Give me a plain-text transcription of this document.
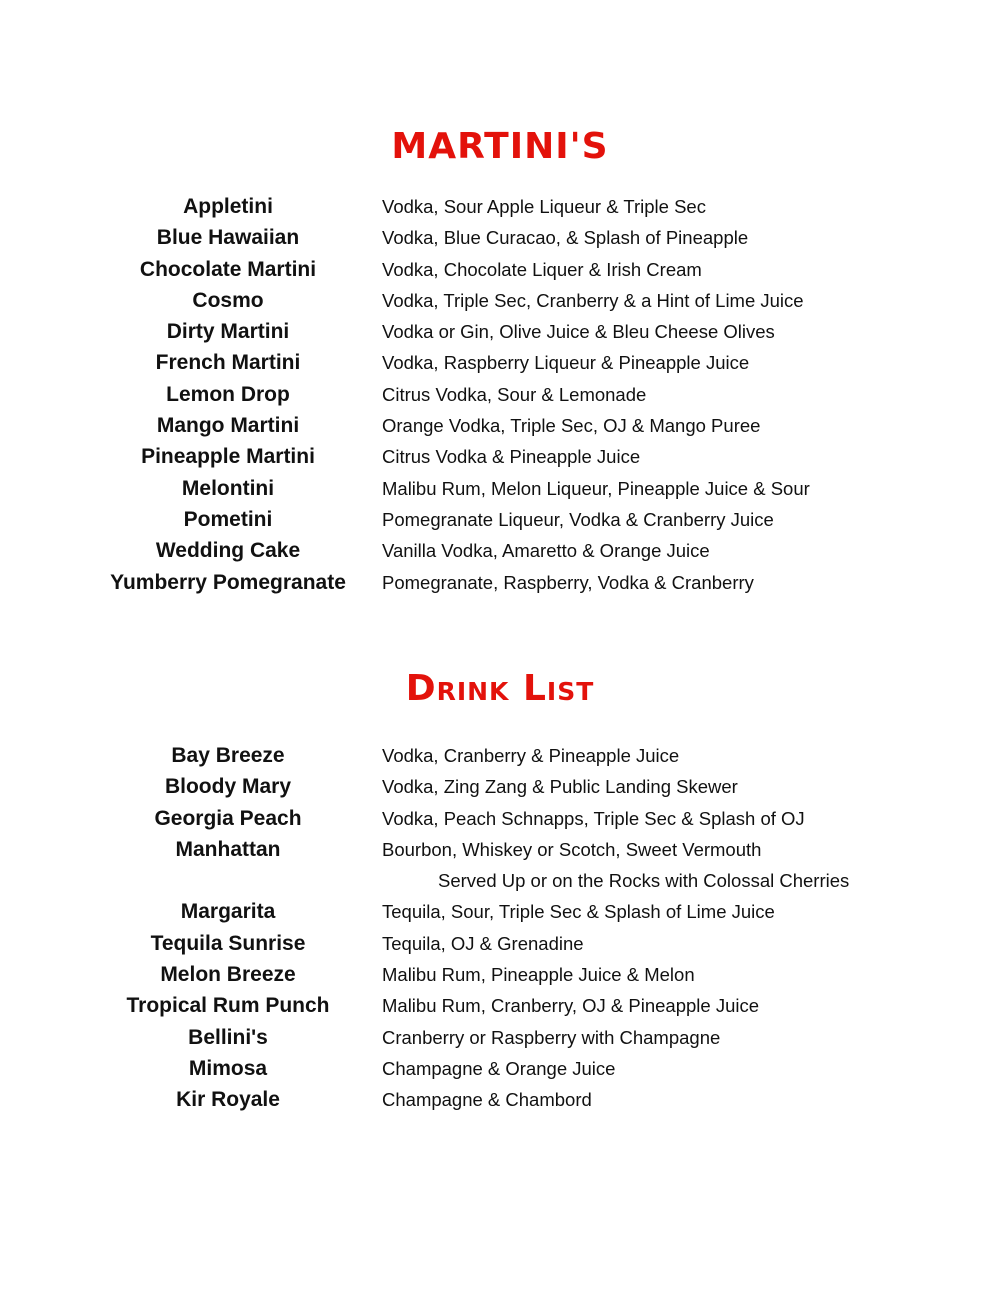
MARTINI'S
Appletini	Vodka, Sour Apple Liqueur & Triple Sec
Blue Hawaiian	Vodka, Blue Curacao, & Splash of Pineapple
Chocolate Martini	Vodka, Chocolate Liquer & Irish Cream
Cosmo	Vodka, Triple Sec, Cranberry & a Hint of Lime Juice
Dirty Martini	Vodka or Gin, Olive Juice & Bleu Cheese Olives
French Martini	Vodka, Raspberry Liqueur & Pineapple Juice
Lemon Drop	Citrus Vodka, Sour & Lemonade
Mango Martini	Orange Vodka, Triple Sec, OJ & Mango Puree
Pineapple Martini	Citrus Vodka & Pineapple Juice
Melontini	Malibu Rum, Melon Liqueur, Pineapple Juice & Sour
Pometini	Pomegranate Liqueur, Vodka & Cranberry Juice
Wedding Cake	Vanilla Vodka, Amaretto & Orange Juice
Yumberry Pomegranate	Pomegranate, Raspberry, Vodka & Cranberry
Drink List
Bay Breeze	Vodka, Cranberry & Pineapple Juice
Bloody Mary	Vodka, Zing Zang & Public Landing Skewer
Georgia Peach	Vodka, Peach Schnapps, Triple Sec & Splash of OJ
Manhattan	Bourbon, Whiskey or Scotch, Sweet Vermouth
Served Up or on the Rocks with Colossal Cherries
Margarita	Tequila, Sour, Triple Sec & Splash of Lime Juice
Tequila Sunrise	Tequila, OJ & Grenadine
Melon Breeze	Malibu Rum, Pineapple Juice & Melon
Tropical Rum Punch	Malibu Rum, Cranberry, OJ & Pineapple Juice
Bellini's	Cranberry or Raspberry with Champagne
Mimosa	Champagne & Orange Juice
Kir Royale	Champagne & Chambord
